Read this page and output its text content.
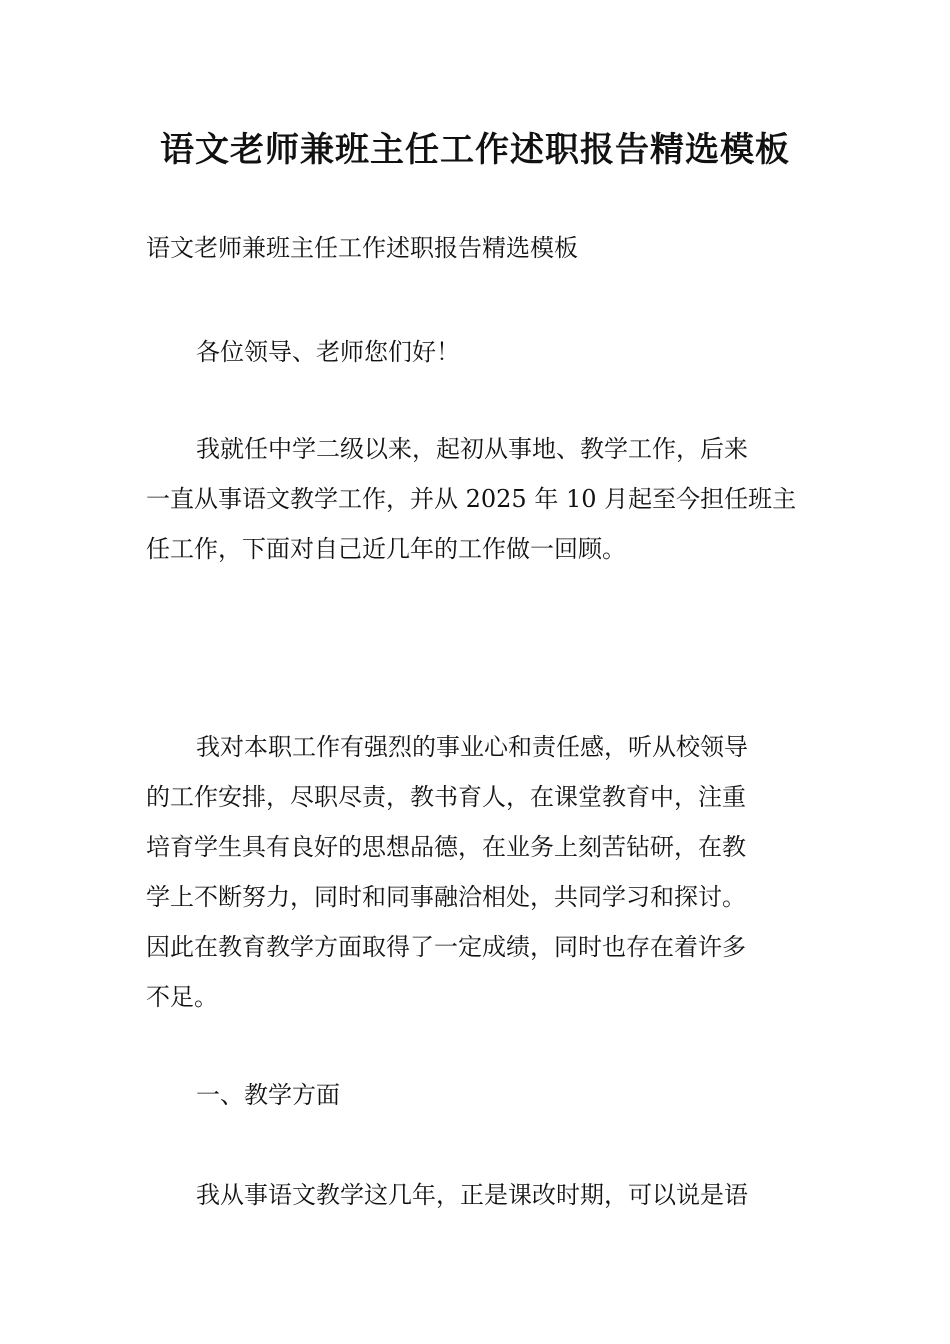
语文老师兼班主任工作述职报告精选模板
语文老师兼班主任工作述职报告精选模板
各位领导、老师您们好！
我就任中学二级以来，起初从事地、教学工作，后来
一直从事语文教学工作，并从 2025 年 10 月起至今担任班主
任工作，下面对自己近几年的工作做一回顾。
我对本职工作有强烈的事业心和责任感，听从校领导
的工作安排，尽职尽责，教书育人，在课堂教育中，注重
培育学生具有良好的思想品德，在业务上刻苦钻研，在教
学上不断努力，同时和同事融洽相处，共同学习和探讨。
因此在教育教学方面取得了一定成绩，同时也存在着许多
不足。
一、教学方面
我从事语文教学这几年，正是课改时期，可以说是语
